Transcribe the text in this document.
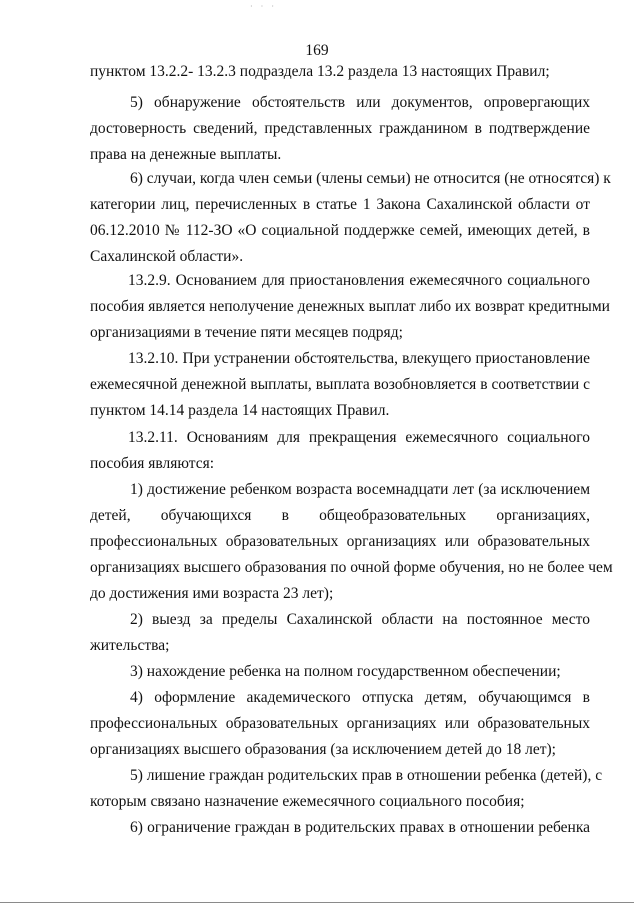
· · ·
169
пунктом 13.2.2- 13.2.3 подраздела 13.2 раздела 13 настоящих Правил;
5) обнаружение обстоятельств или документов, опровергающих
достоверность сведений, представленных гражданином в подтверждение
права на денежные выплаты.
6) случаи, когда член семьи (члены семьи) не относится (не относятся) к
категории лиц, перечисленных в статье 1 Закона Сахалинской области от
06.12.2010 № 112-ЗО «О социальной поддержке семей, имеющих детей, в
Сахалинской области».
13.2.9. Основанием для приостановления ежемесячного социального
пособия является неполучение денежных выплат либо их возврат кредитными
организациями в течение пяти месяцев подряд;
13.2.10. При устранении обстоятельства, влекущего приостановление
ежемесячной денежной выплаты, выплата возобновляется в соответствии с
пунктом 14.14 раздела 14 настоящих Правил.
13.2.11. Основаниям для прекращения ежемесячного социального
пособия являются:
1) достижение ребенком возраста восемнадцати лет (за исключением
детей, обучающихся в общеобразовательных организациях,
профессиональных образовательных организациях или образовательных
организациях высшего образования по очной форме обучения, но не более чем
до достижения ими возраста 23 лет);
2) выезд за пределы Сахалинской области на постоянное место
жительства;
3) нахождение ребенка на полном государственном обеспечении;
4) оформление академического отпуска детям, обучающимся в
профессиональных образовательных организациях или образовательных
организациях высшего образования (за исключением детей до 18 лет);
5) лишение граждан родительских прав в отношении ребенка (детей), с
которым связано назначение ежемесячного социального пособия;
6) ограничение граждан в родительских правах в отношении ребенка
